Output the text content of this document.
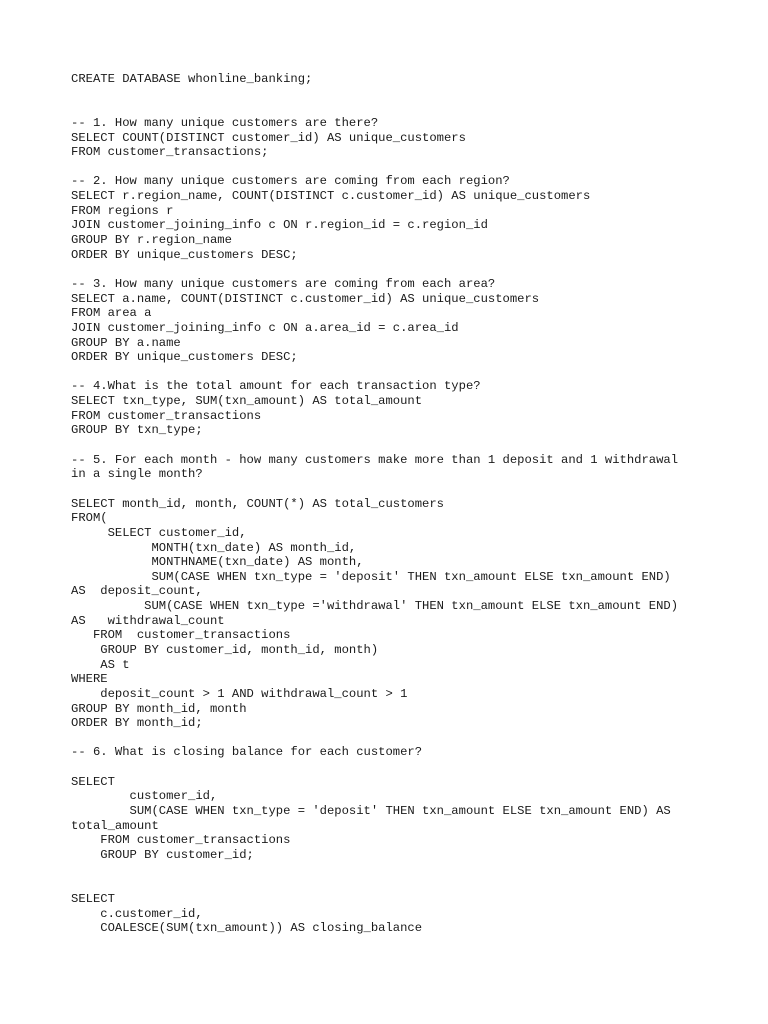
CREATE DATABASE whonline_banking;
-- 1. How many unique customers are there?
SELECT COUNT(DISTINCT customer_id) AS unique_customers
FROM customer_transactions;
-- 2. How many unique customers are coming from each region?
SELECT r.region_name, COUNT(DISTINCT c.customer_id) AS unique_customers
FROM regions r
JOIN customer_joining_info c ON r.region_id = c.region_id
GROUP BY r.region_name
ORDER BY unique_customers DESC;
-- 3. How many unique customers are coming from each area?
SELECT a.name, COUNT(DISTINCT c.customer_id) AS unique_customers
FROM area a
JOIN customer_joining_info c ON a.area_id = c.area_id
GROUP BY a.name
ORDER BY unique_customers DESC;
-- 4.What is the total amount for each transaction type?
SELECT txn_type, SUM(txn_amount) AS total_amount
FROM customer_transactions
GROUP BY txn_type;
-- 5. For each month - how many customers make more than 1 deposit and 1 withdrawal
in a single month?
SELECT month_id, month, COUNT(*) AS total_customers
FROM(
SELECT customer_id,
MONTH(txn_date) AS month_id,
MONTHNAME(txn_date) AS month,
SUM(CASE WHEN txn_type = 'deposit' THEN txn_amount ELSE txn_amount END)
AS  deposit_count,
SUM(CASE WHEN txn_type ='withdrawal' THEN txn_amount ELSE txn_amount END)
AS   withdrawal_count
FROM  customer_transactions
GROUP BY customer_id, month_id, month)
AS t
WHERE
deposit_count > 1 AND withdrawal_count > 1
GROUP BY month_id, month
ORDER BY month_id;
-- 6. What is closing balance for each customer?
SELECT
customer_id,
SUM(CASE WHEN txn_type = 'deposit' THEN txn_amount ELSE txn_amount END) AS
total_amount
FROM customer_transactions
GROUP BY customer_id;
SELECT
c.customer_id,
COALESCE(SUM(txn_amount)) AS closing_balance
